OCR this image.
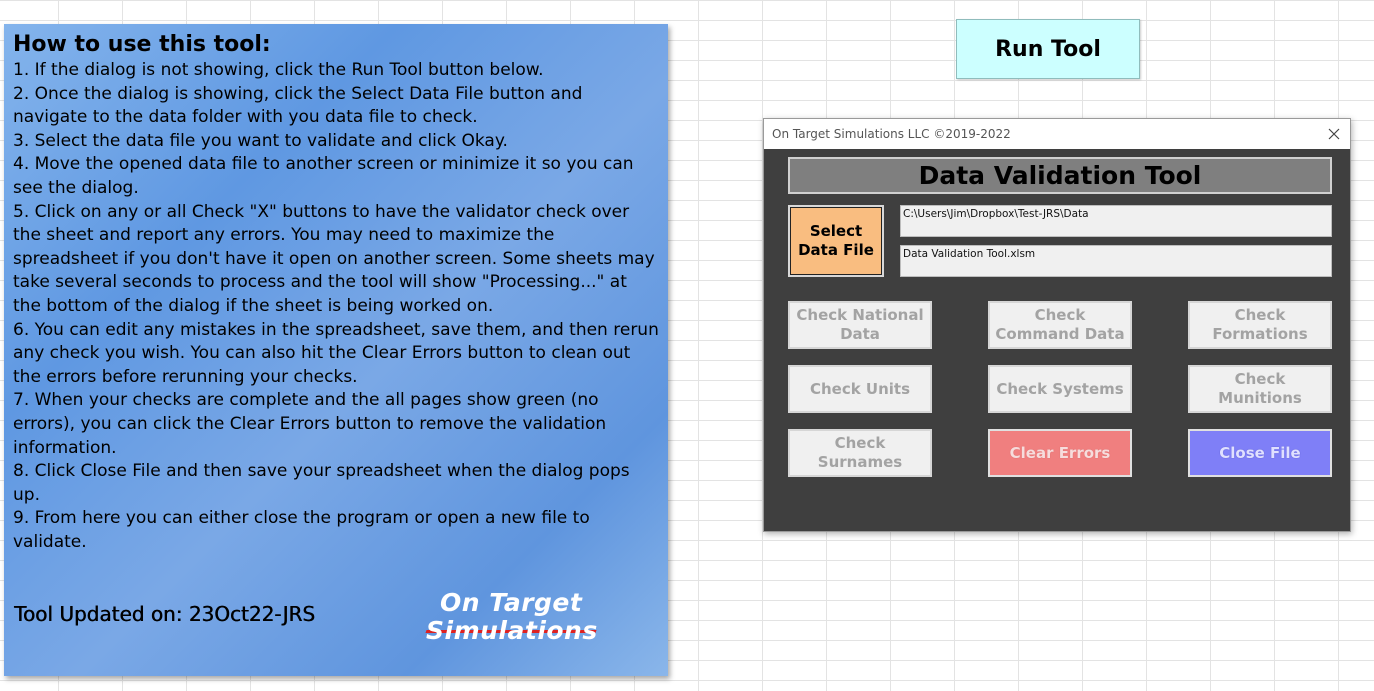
How to use this tool:
1. If the dialog is not showing, click the Run Tool button below.
2. Once the dialog is showing, click the Select Data File button and navigate to the data folder with you data file to check.
3. Select the data file you want to validate and click Okay.
4. Move the opened data file to another screen or minimize it so you can see the dialog.
5. Click on any or all Check "X" buttons to have the validator check over the sheet and report any errors. You may need to maximize the spreadsheet if you don't have it open on another screen. Some sheets may take several seconds to process and the tool will show "Processing..." at the bottom of the dialog if the sheet is being worked on.
6. You can edit any mistakes in the spreadsheet, save them, and then rerun any check you wish. You can also hit the Clear Errors button to clean out the errors before rerunning your checks.
7. When your checks are complete and the all pages show green (no errors), you can click the Clear Errors button to remove the validation information.
8. Click Close File and then save your spreadsheet when the dialog pops up.
9. From here you can either close the program or open a new file to validate.
Tool Updated on: 23Oct22-JRS	On Target
Simulations
Run Tool
On Target Simulations LLC ©2019-2022
Data Validation Tool
Select
Data File
C:\Users\Jim\Dropbox\Test-JRS\Data
Data Validation Tool.xlsm
Check National
Data
Check
Command Data
Check
Formations
Check Units	Check Systems
Check
Munitions
Check
Surnames	Clear Errors	Close File
